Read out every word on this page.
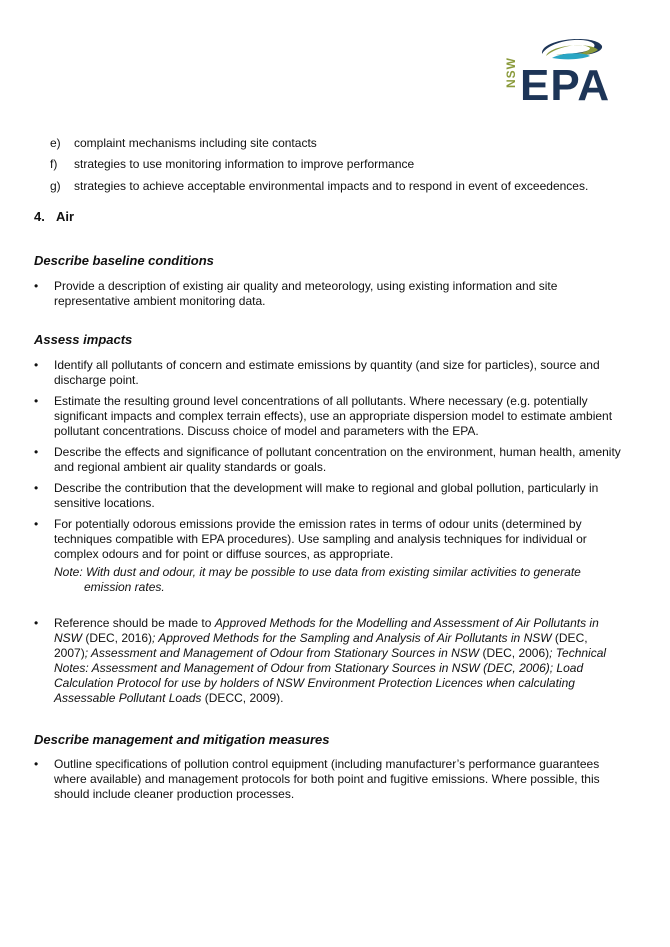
NSW EPA
e) complaint mechanisms including site contacts
f) strategies to use monitoring information to improve performance
g) strategies to achieve acceptable environmental impacts and to respond in event of exceedences.
4. Air
Describe baseline conditions
•	Provide a description of existing air quality and meteorology, using existing information and site representative ambient monitoring data.
Assess impacts
•	Identify all pollutants of concern and estimate emissions by quantity (and size for particles), source and discharge point.
•	Estimate the resulting ground level concentrations of all pollutants. Where necessary (e.g. potentially significant impacts and complex terrain effects), use an appropriate dispersion model to estimate ambient pollutant concentrations. Discuss choice of model and parameters with the EPA.
•	Describe the effects and significance of pollutant concentration on the environment, human health, amenity and regional ambient air quality standards or goals.
•	Describe the contribution that the development will make to regional and global pollution, particularly in sensitive locations.
•	For potentially odorous emissions provide the emission rates in terms of odour units (determined by techniques compatible with EPA procedures). Use sampling and analysis techniques for individual or complex odours and for point or diffuse sources, as appropriate.
Note: With dust and odour, it may be possible to use data from existing similar activities to generate
emission rates.
•	Reference should be made to Approved Methods for the Modelling and Assessment of Air Pollutants in NSW (DEC, 2016); Approved Methods for the Sampling and Analysis of Air Pollutants in NSW (DEC, 2007); Assessment and Management of Odour from Stationary Sources in NSW (DEC, 2006); Technical Notes: Assessment and Management of Odour from Stationary Sources in NSW (DEC, 2006); Load Calculation Protocol for use by holders of NSW Environment Protection Licences when calculating Assessable Pollutant Loads (DECC, 2009).
Describe management and mitigation measures
•	Outline specifications of pollution control equipment (including manufacturer’s performance guarantees where available) and management protocols for both point and fugitive emissions. Where possible, this should include cleaner production processes.
